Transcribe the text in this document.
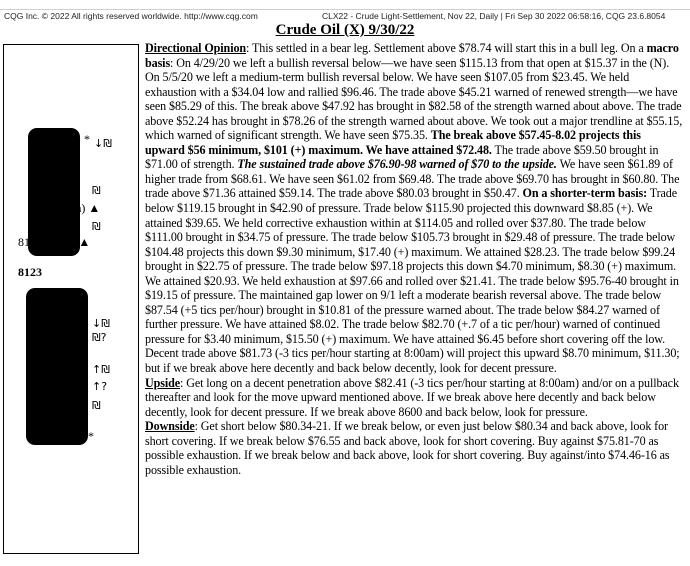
CQG Inc. © 2022 All rights reserved worldwide. http://www.cqg.com	CLX22 - Crude Light-Settlement, Nov 22, Daily | Fri Sep 30 2022 06:58:16, CQG 23.6.8054
Crude Oil (X) 9/30/22
* ↓₪
₪
p/h) ▲
₪
8175(-3p/h) ▲
8123
↓₪
₪?
↑₪
↑?
₪
*

Directional Opinion: This settled in a bear leg. Settlement above $78.74 will start this in a bull leg. On a macro basis: On 4/29/20 we left a bullish reversal below—we have seen $115.13 from that open at $15.37 in the (N). On 5/5/20 we left a medium-term bullish reversal below. We have seen $107.05 from $23.45. We held exhaustion with a $34.04 low and rallied $96.46. The trade above $45.21 warned of renewed strength—we have seen $85.29 of this. The break above $47.92 has brought in $82.58 of the strength warned about above. The trade above $52.24 has brought in $78.26 of the strength warned about above. We took out a major trendline at $55.15, which warned of significant strength. We have seen $75.35. The break above $57.45-8.02 projects this upward $56 minimum, $101 (+) maximum. We have attained $72.48. The trade above $59.50 brought in $71.00 of strength. The sustained trade above $76.90-98 warned of $70 to the upside. We have seen $61.89 of higher trade from $68.61. We have seen $61.02 from $69.48. The trade above $69.70 has brought in $60.80. The trade above $71.36 attained $59.14. The trade above $80.03 brought in $50.47. On a shorter-term basis: Trade below $119.15 brought in $42.90 of pressure. Trade below $115.90 projected this downward $8.85 (+). We attained $39.65. We held corrective exhaustion within at $114.05 and rolled over $37.80. The trade below $111.00 brought in $34.75 of pressure. The trade below $105.73 brought in $29.48 of pressure. The trade below $104.48 projects this down $9.30 minimum, $17.40 (+) maximum. We attained $28.23. The trade below $99.24 brought in $22.75 of pressure. The trade below $97.18 projects this down $4.70 minimum, $8.30 (+) maximum. We attained $20.93. We held exhaustion at $97.66 and rolled over $21.41. The trade below $95.76-40 brought in $19.15 of pressure. The maintained gap lower on 9/1 left a moderate bearish reversal above. The trade below $87.54 (+5 tics per/hour) brought in $10.81 of the pressure warned about. The trade below $84.27 warned of further pressure. We have attained $8.02. The trade below $82.70 (+.7 of a tic per/hour) warned of continued pressure for $3.40 minimum, $15.50 (+) maximum. We have attained $6.45 before short covering off the low. Decent trade above $81.73 (-3 tics per/hour starting at 8:00am) will project this upward $8.70 minimum, $11.30; but if we break above here decently and back below decently, look for decent pressure.

Upside: Get long on a decent penetration above $82.41 (-3 tics per/hour starting at 8:00am) and/or on a pullback thereafter and look for the move upward mentioned above. If we break above here decently and back below decently, look for decent pressure. If we break above 8600 and back below, look for pressure.

Downside: Get short below $80.34-21. If we break below, or even just below $80.34 and back above, look for short covering. If we break below $76.55 and back above, look for short covering. Buy against $75.81-70 as possible exhaustion. If we break below and back above, look for short covering. Buy against/into $74.46-16 as possible exhaustion.
